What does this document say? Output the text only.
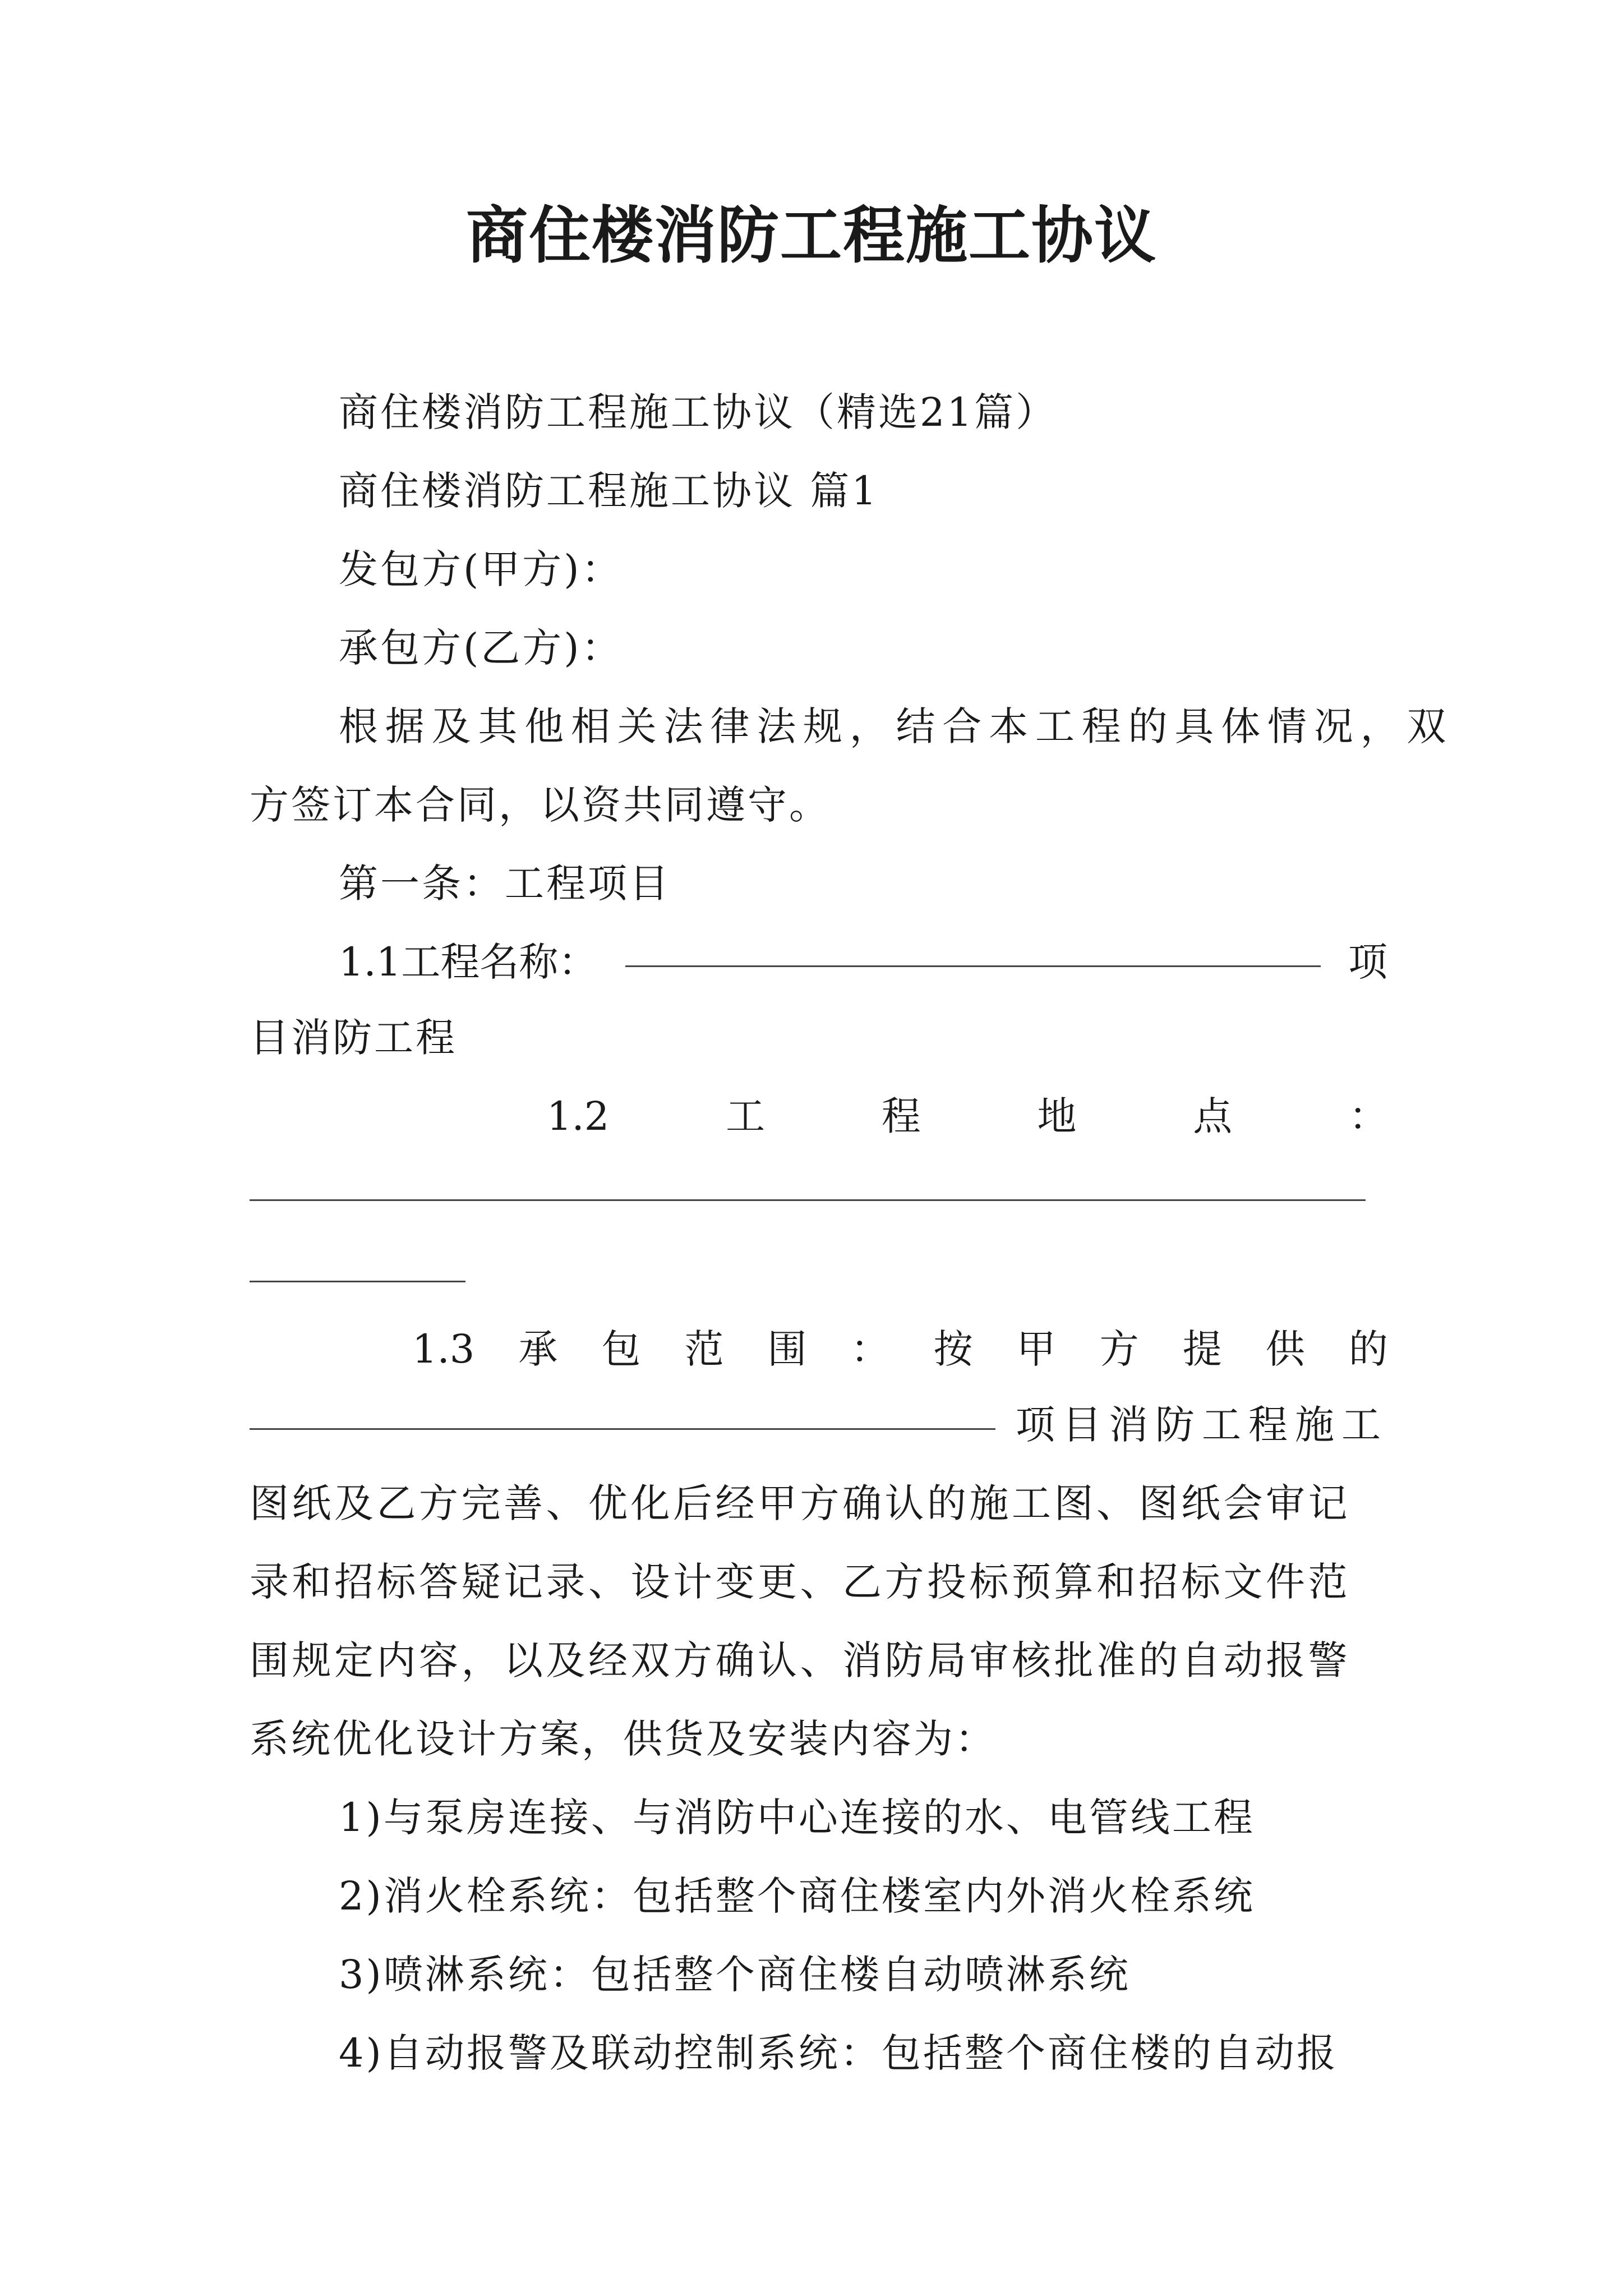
商住楼消防工程施工协议
商住楼消防工程施工协议（精选21篇）
商住楼消防工程施工协议 篇1
发包方(甲方)：
承包方(乙方)：
根据及其他相关法律法规，结合本工程的具体情况，双
方签订本合同，以资共同遵守。
第一条：工程项目
1.1工程名称：	项
目消防工程
1.2	工	程	地	点	：
1.3 承 包 范 围 ： 按 甲 方 提 供 的
项目消防工程施工
图纸及乙方完善、优化后经甲方确认的施工图、图纸会审记
录和招标答疑记录、设计变更、乙方投标预算和招标文件范
围规定内容，以及经双方确认、消防局审核批准的自动报警
系统优化设计方案，供货及安装内容为：
1)与泵房连接、与消防中心连接的水、电管线工程
2)消火栓系统：包括整个商住楼室内外消火栓系统
3)喷淋系统：包括整个商住楼自动喷淋系统
4)自动报警及联动控制系统：包括整个商住楼的自动报
